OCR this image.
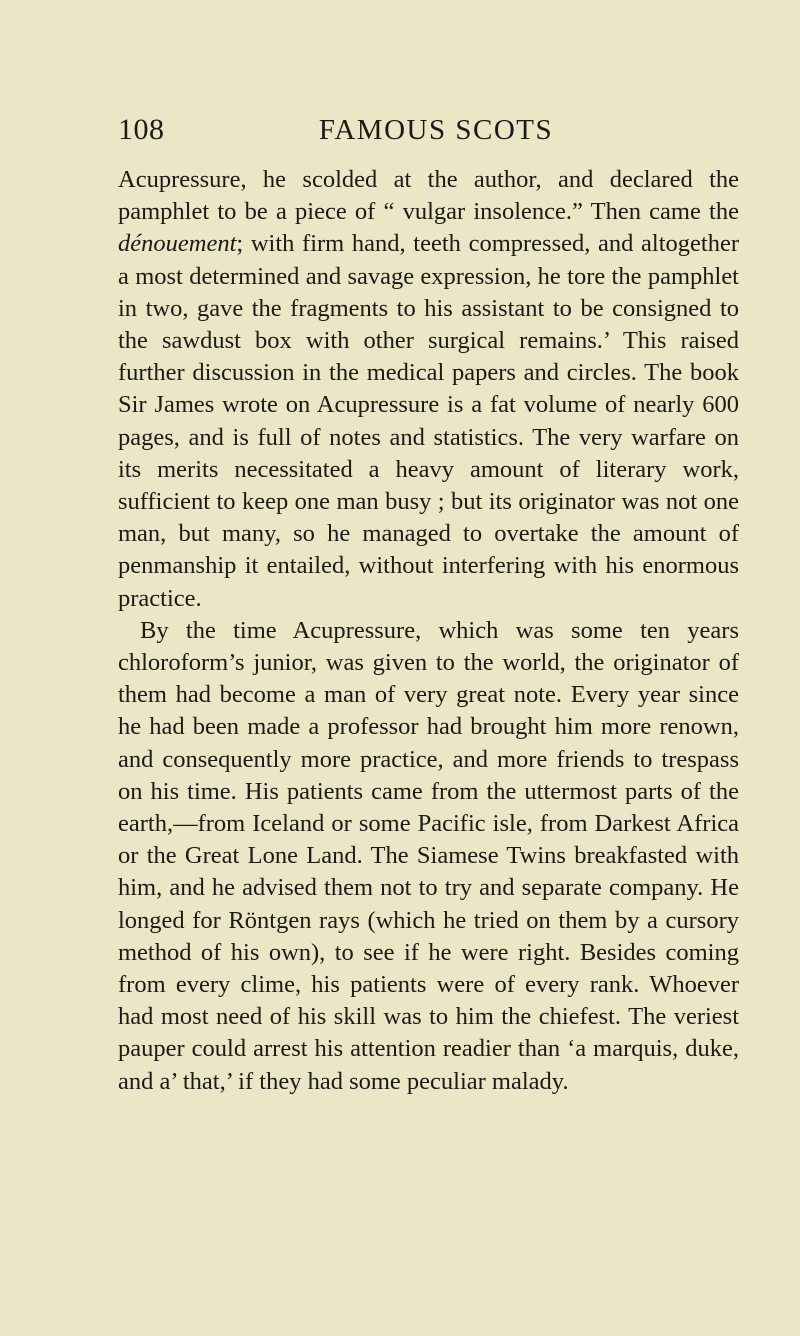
108	FAMOUS SCOTS

Acupressure, he scolded at the author, and declared the pamphlet to be a piece of “ vulgar insolence.” Then came the dénouement; with firm hand, teeth compressed, and altogether a most determined and savage expression, he tore the pamphlet in two, gave the fragments to his assistant to be consigned to the sawdust box with other surgical remains.’ This raised further discussion in the medical papers and circles. The book Sir James wrote on Acupressure is a fat volume of nearly 600 pages, and is full of notes and statistics. The very warfare on its merits necessitated a heavy amount of literary work, sufficient to keep one man busy ; but its originator was not one man, but many, so he managed to overtake the amount of penmanship it entailed, without interfering with his enormous practice.

By the time Acupressure, which was some ten years chloroform’s junior, was given to the world, the originator of them had become a man of very great note. Every year since he had been made a professor had brought him more renown, and consequently more practice, and more friends to trespass on his time. His patients came from the uttermost parts of the earth,—from Iceland or some Pacific isle, from Darkest Africa or the Great Lone Land. The Siamese Twins breakfasted with him, and he advised them not to try and separate company. He longed for Röntgen rays (which he tried on them by a cursory method of his own), to see if he were right. Besides coming from every clime, his patients were of every rank. Whoever had most need of his skill was to him the chiefest. The veriest pauper could arrest his attention readier than ‘a marquis, duke, and a’ that,’ if they had some peculiar malady.
